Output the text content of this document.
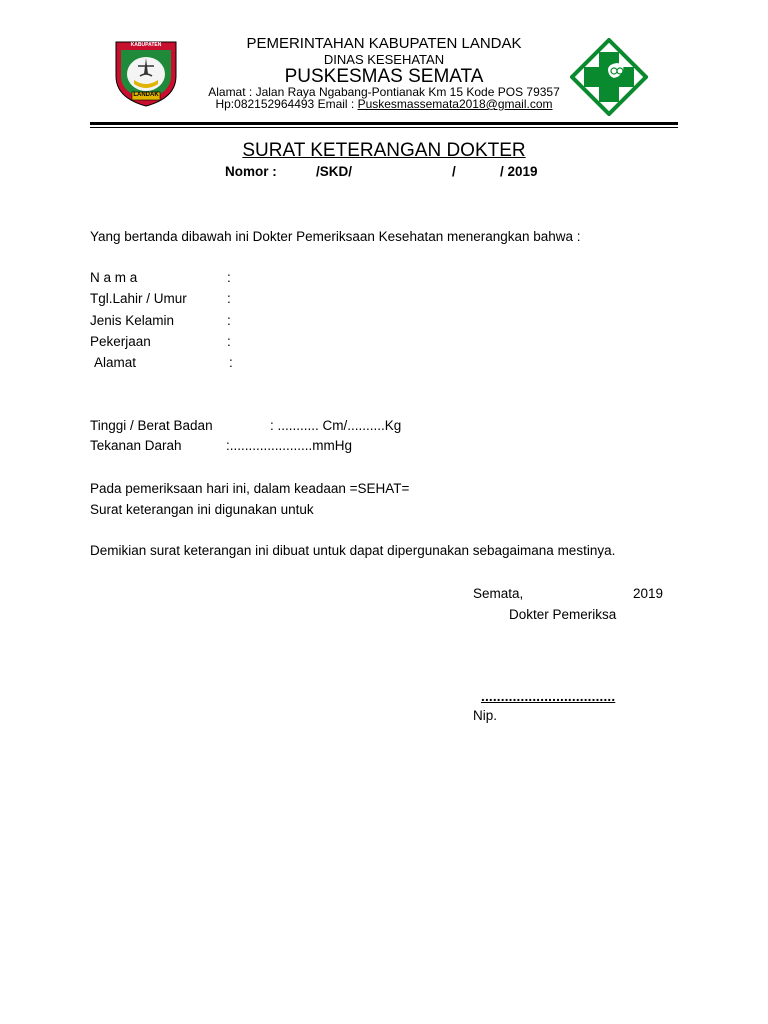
KABUPATEN
LANDAK
PEMERINTAHAN KABUPATEN LANDAK
DINAS KESEHATAN
PUSKESMAS SEMATA
Alamat : Jalan Raya Ngabang-Pontianak Km 15 Kode POS 79357
Hp:082152964493 Email : Puskesmassemata2018@gmail.com
SURAT KETERANGAN DOKTER
Nomor :	/SKD/	/	/ 2019
Yang bertanda dibawah ini Dokter Pemeriksaan Kesehatan menerangkan bahwa :
N a m a	:
Tgl.Lahir / Umur	:
Jenis Kelamin	:
Pekerjaan	:
Alamat	:
Tinggi / Berat Badan	: ........... Cm/..........Kg
Tekanan Darah	:......................mmHg
Pada pemeriksaan hari ini, dalam keadaan =SEHAT=
Surat keterangan ini digunakan untuk
Demikian surat keterangan ini dibuat untuk dapat dipergunakan sebagaimana mestinya.
Semata,	2019
Dokter Pemeriksa
..................................
Nip.
